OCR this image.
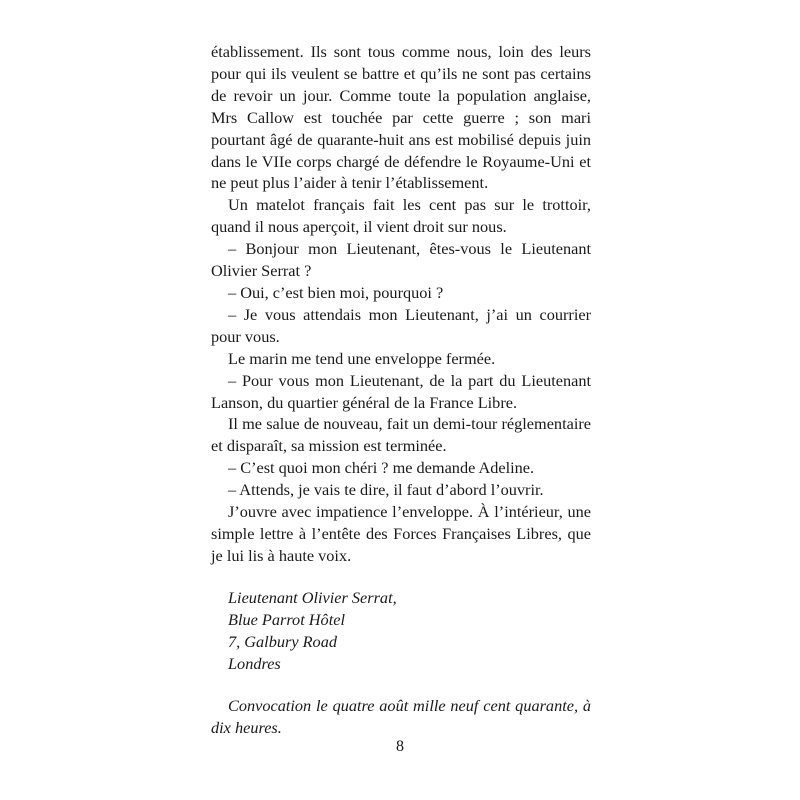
établissement. Ils sont tous comme nous, loin des leurs pour qui ils veulent se battre et qu’ils ne sont pas certains de revoir un jour. Comme toute la population anglaise, Mrs Callow est touchée par cette guerre ; son mari pourtant âgé de quarante-huit ans est mobilisé depuis juin dans le VIIe corps chargé de défendre le Royaume-Uni et ne peut plus l’aider à tenir l’établissement.

Un matelot français fait les cent pas sur le trottoir, quand il nous aperçoit, il vient droit sur nous.

– Bonjour mon Lieutenant, êtes-vous le Lieutenant Olivier Serrat ?

– Oui, c’est bien moi, pourquoi ?

– Je vous attendais mon Lieutenant, j’ai un courrier pour vous.

Le marin me tend une enveloppe fermée.

– Pour vous mon Lieutenant, de la part du Lieutenant Lanson, du quartier général de la France Libre.

Il me salue de nouveau, fait un demi-tour réglementaire et disparaît, sa mission est terminée.

– C’est quoi mon chéri ? me demande Adeline.

– Attends, je vais te dire, il faut d’abord l’ouvrir.

J’ouvre avec impatience l’enveloppe. À l’intérieur, une simple lettre à l’entête des Forces Françaises Libres, que je lui lis à haute voix.

Lieutenant Olivier Serrat,
Blue Parrot Hôtel
7, Galbury Road
Londres

Convocation le quatre août mille neuf cent quarante, à dix heures.

8
